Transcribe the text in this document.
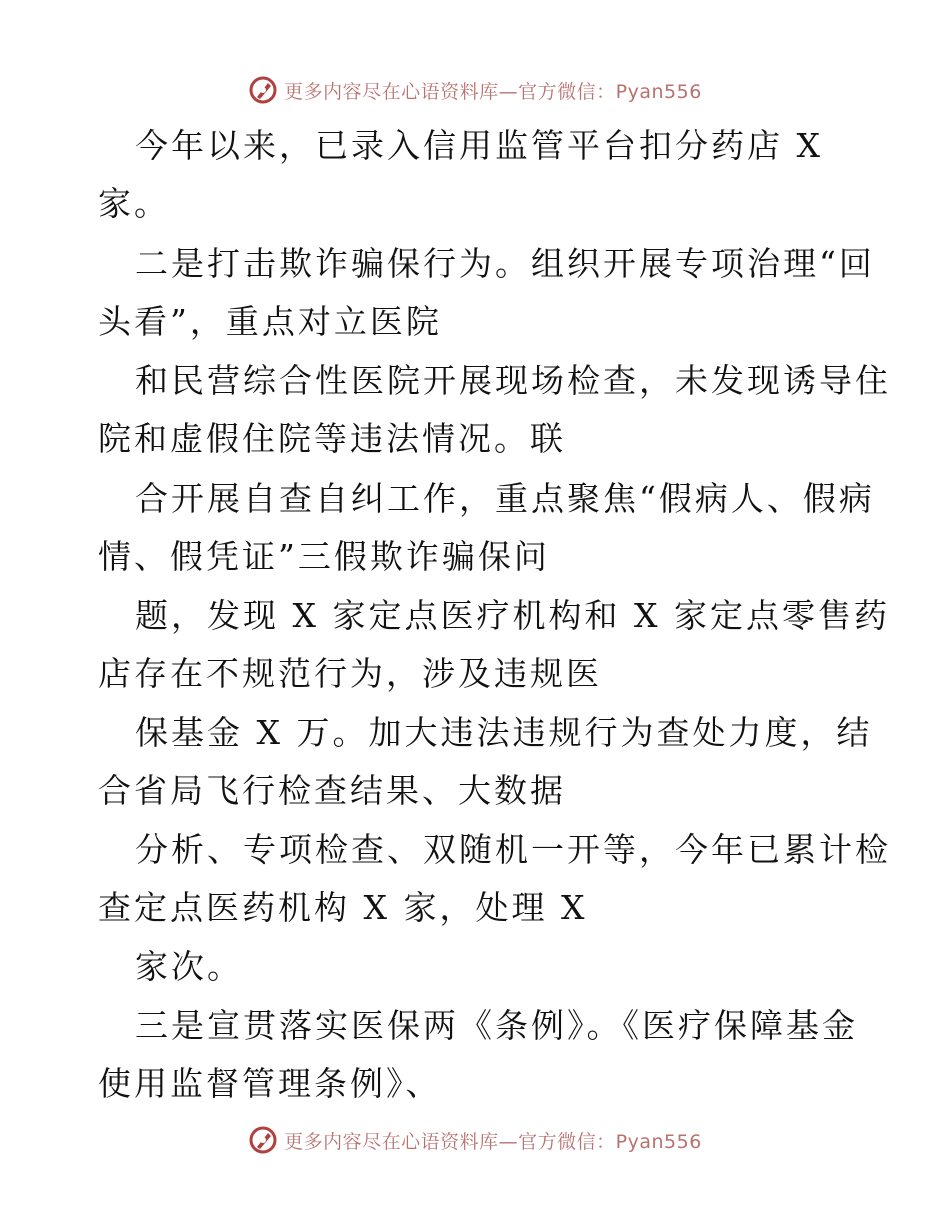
更多内容尽在心语资料库—官方微信：Pyan556
今年以来，已录入信用监管平台扣分药店 X
家。
二是打击欺诈骗保行为。组织开展专项治理“回
头看”，重点对立医院
和民营综合性医院开展现场检查，未发现诱导住
院和虚假住院等违法情况。联
合开展自查自纠工作，重点聚焦“假病人、假病
情、假凭证”三假欺诈骗保问
题，发现 X 家定点医疗机构和 X 家定点零售药
店存在不规范行为，涉及违规医
保基金 X 万。加大违法违规行为查处力度，结
合省局飞行检查结果、大数据
分析、专项检查、双随机一开等，今年已累计检
查定点医药机构 X 家，处理 X
家次。
三是宣贯落实医保两《条例》。《医疗保障基金
使用监督管理条例》、
更多内容尽在心语资料库—官方微信：Pyan556
